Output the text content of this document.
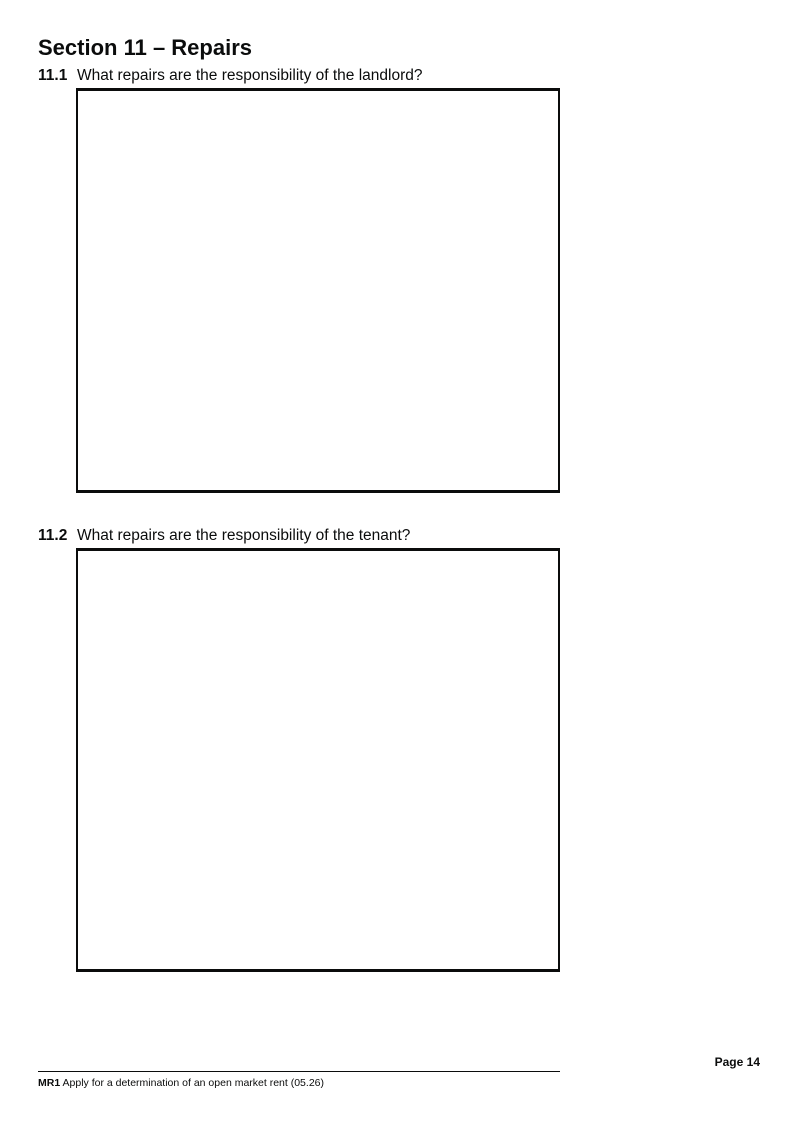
Section 11 – Repairs
11.1 What repairs are the responsibility of the landlord?
11.2 What repairs are the responsibility of the tenant?
Page 14
MR1 Apply for a determination of an open market rent (05.26)
